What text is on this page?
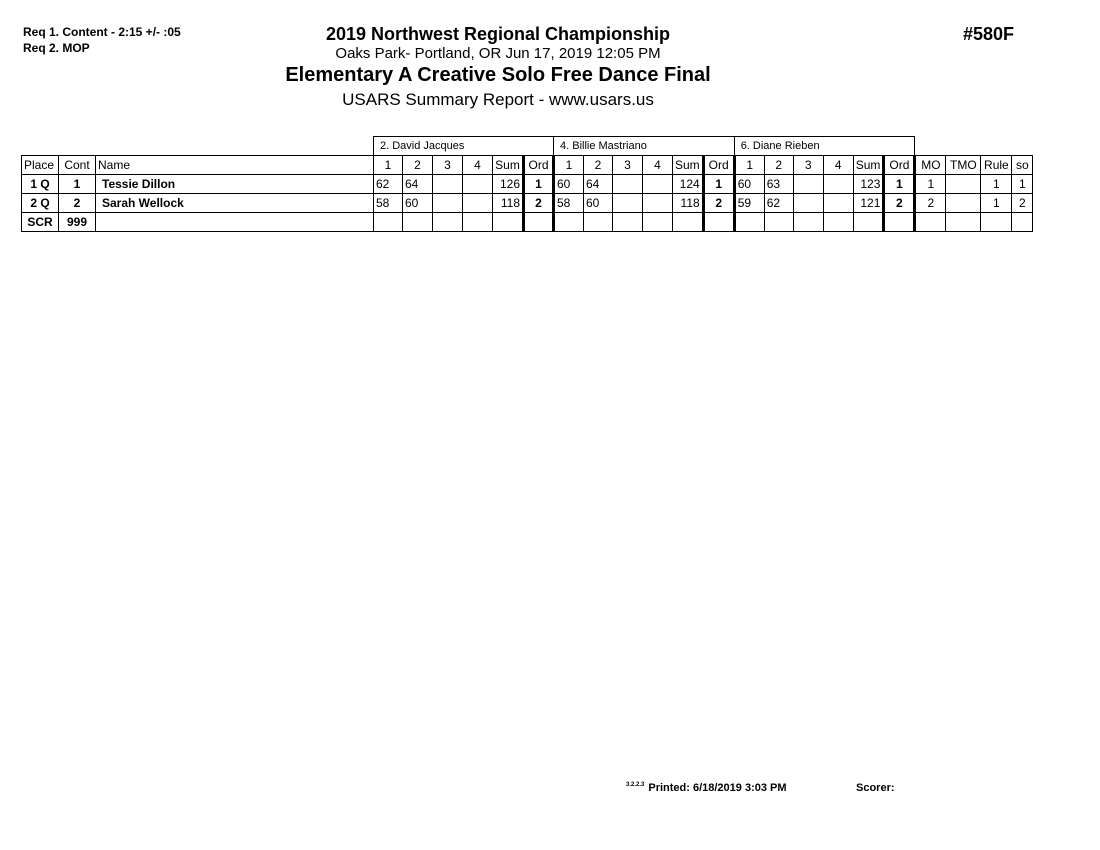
Req 1. Content - 2:15 +/- :05
Req 2. MOP
2019 Northwest Regional Championship
Oaks Park- Portland, OR Jun 17, 2019 12:05 PM
Elementary A Creative Solo Free Dance Final
USARS Summary Report - www.usars.us
#580F
			2. David Jacques						4. Billie Mastriano						6. Diane Rieben									
Place	Cont	Name	1	2	3	4	Sum	Ord	1	2	3	4	Sum	Ord	1	2	3	4	Sum	Ord	MO	TMO	Rule	so
1 Q	1	Tessie Dillon	62	64			126	1	60	64			124	1	60	63			123	1	1		1	1
2 Q	2	Sarah Wellock	58	60			118	2	58	60			118	2	59	62			121	2	2		1	2
SCR	999																							
$^{3.2.2.3}$ Printed: 6/18/2019 3:03 PM	Scorer:
